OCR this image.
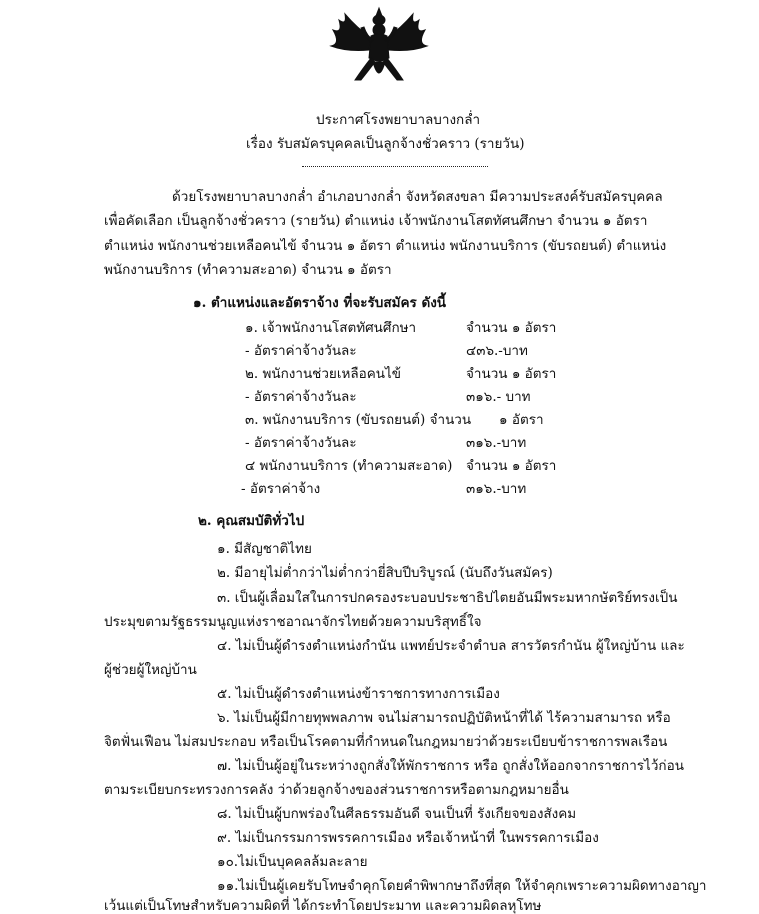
ประกาศโรงพยาบาลบางกล่ำ
เรื่อง รับสมัครบุคคลเป็นลูกจ้างชั่วคราว (รายวัน)
ด้วยโรงพยาบาลบางกล่ำ อำเภอบางกล่ำ จังหวัดสงขลา มีความประสงค์รับสมัครบุคคล
เพื่อคัดเลือก เป็นลูกจ้างชั่วคราว (รายวัน) ตำแหน่ง เจ้าพนักงานโสตทัศนศึกษา จำนวน ๑ อัตรา
ตำแหน่ง พนักงานช่วยเหลือคนไข้ จำนวน ๑ อัตรา ตำแหน่ง พนักงานบริการ (ขับรถยนต์) ตำแหน่ง
พนักงานบริการ (ทำความสะอาด) จำนวน ๑ อัตรา
๑. ตำแหน่งและอัตราจ้าง ที่จะรับสมัคร ดังนี้
๑. เจ้าพนักงานโสตทัศนศึกษา	จำนวน ๑ อัตรา
- อัตราค่าจ้างวันละ	๔๓๖.-บาท
๒. พนักงานช่วยเหลือคนไข้	จำนวน ๑ อัตรา
- อัตราค่าจ้างวันละ	๓๑๖.- บาท
๓. พนักงานบริการ (ขับรถยนต์) จำนวน ๑ อัตรา
- อัตราค่าจ้างวันละ	๓๑๖.-บาท
๔ พนักงานบริการ (ทำความสะอาด) จำนวน ๑ อัตรา
- อัตราค่าจ้าง	๓๑๖.-บาท
๒. คุณสมบัติทั่วไป
๑. มีสัญชาติไทย
๒. มีอายุไม่ต่ำกว่าไม่ต่ำกว่ายี่สิบปีบริบูรณ์ (นับถึงวันสมัคร)
๓. เป็นผู้เลื่อมใสในการปกครองระบอบประชาธิปไตยอันมีพระมหากษัตริย์ทรงเป็น
ประมุขตามรัฐธรรมนูญแห่งราชอาณาจักรไทยด้วยความบริสุทธิ์ใจ
๔. ไม่เป็นผู้ดำรงตำแหน่งกำนัน แพทย์ประจำตำบล สารวัตรกำนัน ผู้ใหญ่บ้าน และ
ผู้ช่วยผู้ใหญ่บ้าน
๕. ไม่เป็นผู้ดำรงตำแหน่งข้าราชการทางการเมือง
๖. ไม่เป็นผู้มีกายทุพพลภาพ จนไม่สามารถปฏิบัติหน้าที่ได้ ไร้ความสามารถ หรือ
จิตฟั่นเฟือน ไม่สมประกอบ หรือเป็นโรคตามที่กำหนดในกฎหมายว่าด้วยระเบียบข้าราชการพลเรือน
๗. ไม่เป็นผู้อยู่ในระหว่างถูกสั่งให้พักราชการ หรือ ถูกสั่งให้ออกจากราชการไว้ก่อน
ตามระเบียบกระทรวงการคลัง ว่าด้วยลูกจ้างของส่วนราชการหรือตามกฎหมายอื่น
๘. ไม่เป็นผู้บกพร่องในศีลธรรมอันดี จนเป็นที่ รังเกียจของสังคม
๙. ไม่เป็นกรรมการพรรคการเมือง หรือเจ้าหน้าที่ ในพรรคการเมือง
๑๐.ไม่เป็นบุคคลล้มละลาย
๑๑.ไม่เป็นผู้เคยรับโทษจำคุกโดยคำพิพากษาถึงที่สุด ให้จำคุกเพราะความผิดทางอาญา
เว้นแต่เป็นโทษสำหรับความผิดที่ ได้กระทำโดยประมาท และความผิดลหุโทษ
